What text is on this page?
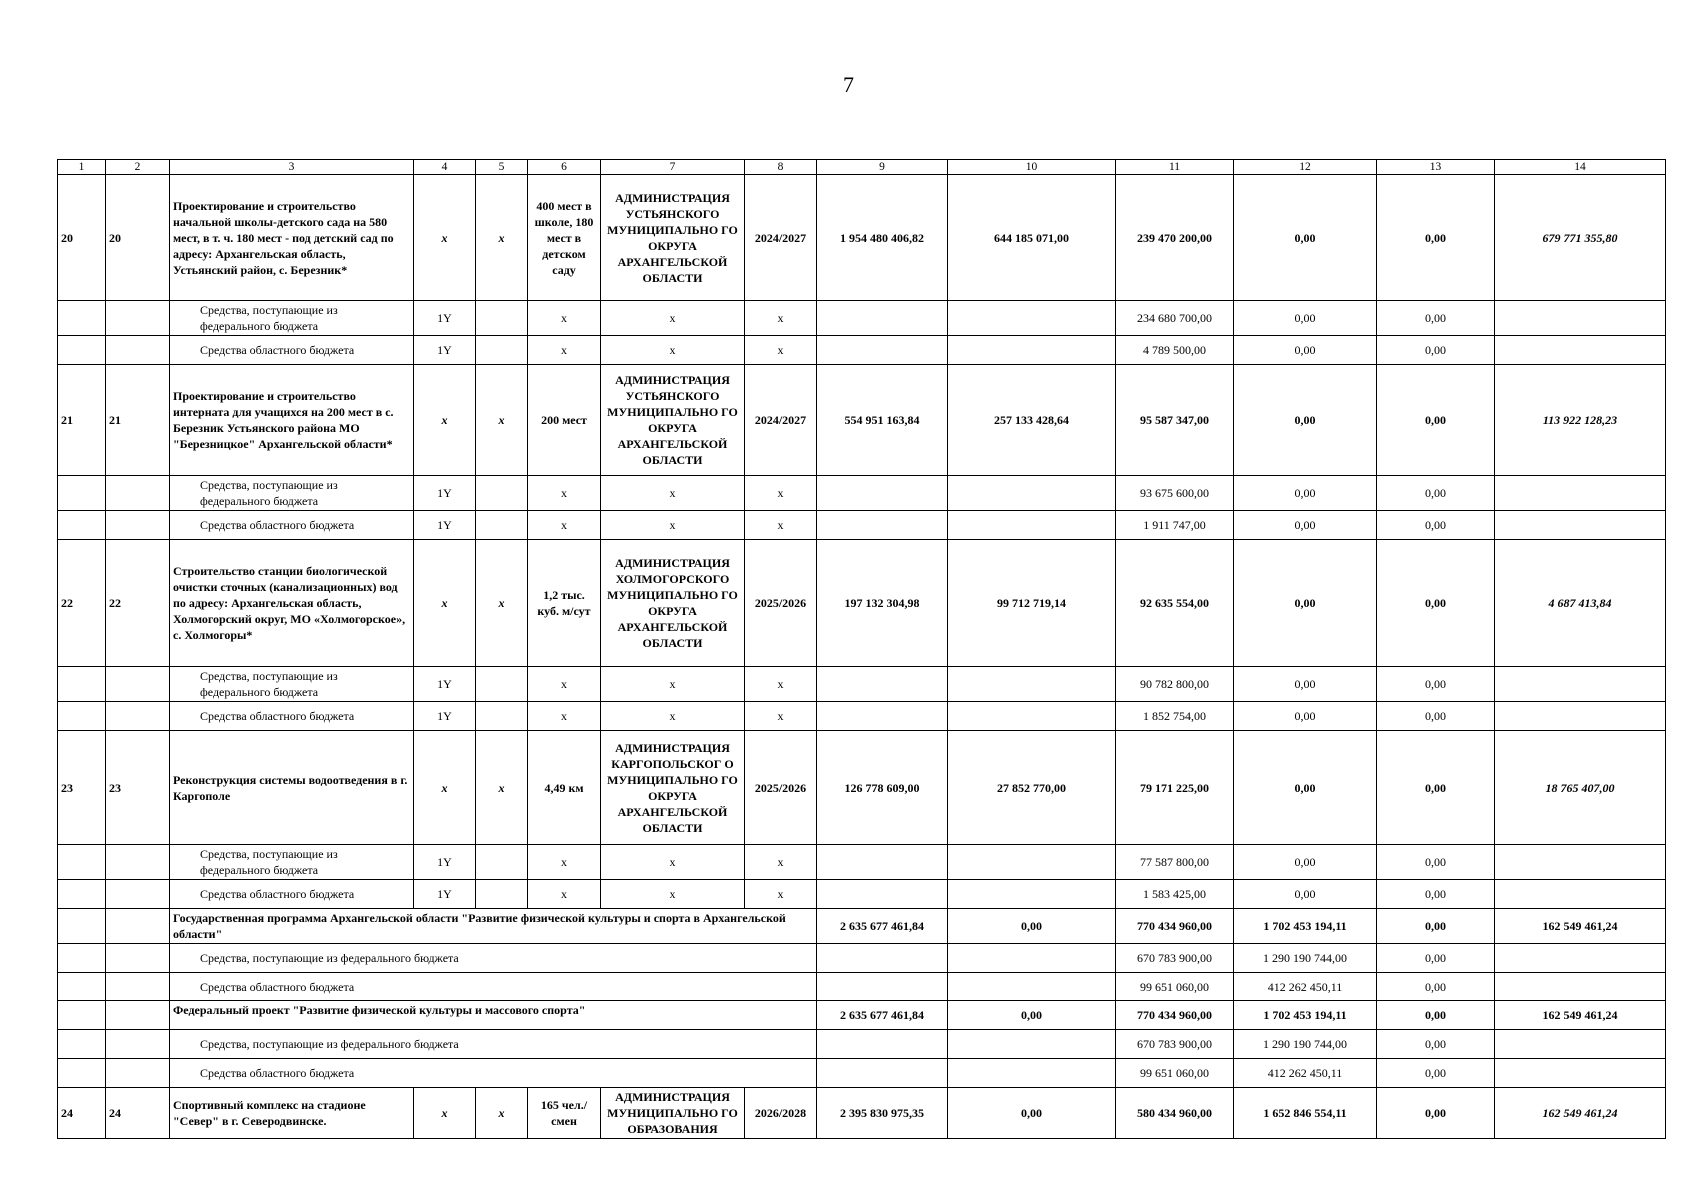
7
1	2	3	4	5	6	7	8	9	10	11	12	13	14
20	20	Проектирование и строительство начальной школы-детского сада на 580 мест, в т. ч. 180 мест - под детский сад по адресу: Архангельская область, Устьянский район, с. Березник*	х	х	400 мест в школе, 180 мест в детском саду	АДМИНИСТРАЦИЯ УСТЬЯНСКОГО МУНИЦИПАЛЬНО ГО ОКРУГА АРХАНГЕЛЬСКОЙ ОБЛАСТИ	2024/2027	1 954 480 406,82	644 185 071,00	239 470 200,00	0,00	0,00	679 771 355,80
		Средства, поступающие из федерального бюджета	1Y		х	х	х			234 680 700,00	0,00	0,00	
		Средства областного бюджета	1Y		х	х	х			4 789 500,00	0,00	0,00	
21	21	Проектирование и строительство интерната для учащихся на 200 мест в с. Березник Устьянского района МО "Березницкое" Архангельской области*	х	х	200 мест	АДМИНИСТРАЦИЯ УСТЬЯНСКОГО МУНИЦИПАЛЬНО ГО ОКРУГА АРХАНГЕЛЬСКОЙ ОБЛАСТИ	2024/2027	554 951 163,84	257 133 428,64	95 587 347,00	0,00	0,00	113 922 128,23
		Средства, поступающие из федерального бюджета	1Y		х	х	х			93 675 600,00	0,00	0,00	
		Средства областного бюджета	1Y		х	х	х			1 911 747,00	0,00	0,00	
22	22	Строительство станции биологической очистки сточных (канализационных) вод по адресу: Архангельская область, Холмогорский округ, МО «Холмогорское», с. Холмогоры*	х	х	1,2 тыс. куб. м/сут	АДМИНИСТРАЦИЯ ХОЛМОГОРСКОГО МУНИЦИПАЛЬНО ГО ОКРУГА АРХАНГЕЛЬСКОЙ ОБЛАСТИ	2025/2026	197 132 304,98	99 712 719,14	92 635 554,00	0,00	0,00	4 687 413,84
		Средства, поступающие из федерального бюджета	1Y		х	х	х			90 782 800,00	0,00	0,00	
		Средства областного бюджета	1Y		х	х	х			1 852 754,00	0,00	0,00	
23	23	Реконструкция системы водоотведения в г. Каргополе	х	х	4,49 км	АДМИНИСТРАЦИЯ КАРГОПОЛЬСКОГ О МУНИЦИПАЛЬНО ГО ОКРУГА АРХАНГЕЛЬСКОЙ ОБЛАСТИ	2025/2026	126 778 609,00	27 852 770,00	79 171 225,00	0,00	0,00	18 765 407,00
		Средства, поступающие из федерального бюджета	1Y		х	х	х			77 587 800,00	0,00	0,00	
		Средства областного бюджета	1Y		х	х	х			1 583 425,00	0,00	0,00	
		Государственная программа Архангельской области "Развитие физической культуры и спорта в Архангельской области"						2 635 677 461,84	0,00	770 434 960,00	1 702 453 194,11	0,00	162 549 461,24
		Средства, поступающие из федерального бюджета								670 783 900,00	1 290 190 744,00	0,00	
		Средства областного бюджета								99 651 060,00	412 262 450,11	0,00	
		Федеральный проект "Развитие физической культуры и массового спорта"						2 635 677 461,84	0,00	770 434 960,00	1 702 453 194,11	0,00	162 549 461,24
		Средства, поступающие из федерального бюджета								670 783 900,00	1 290 190 744,00	0,00	
		Средства областного бюджета								99 651 060,00	412 262 450,11	0,00	
24	24	Спортивный комплекс на стадионе "Север" в г. Северодвинске.	х	х	165 чел./смен	АДМИНИСТРАЦИЯ МУНИЦИПАЛЬНО ГО ОБРАЗОВАНИЯ	2026/2028	2 395 830 975,35	0,00	580 434 960,00	1 652 846 554,11	0,00	162 549 461,24
